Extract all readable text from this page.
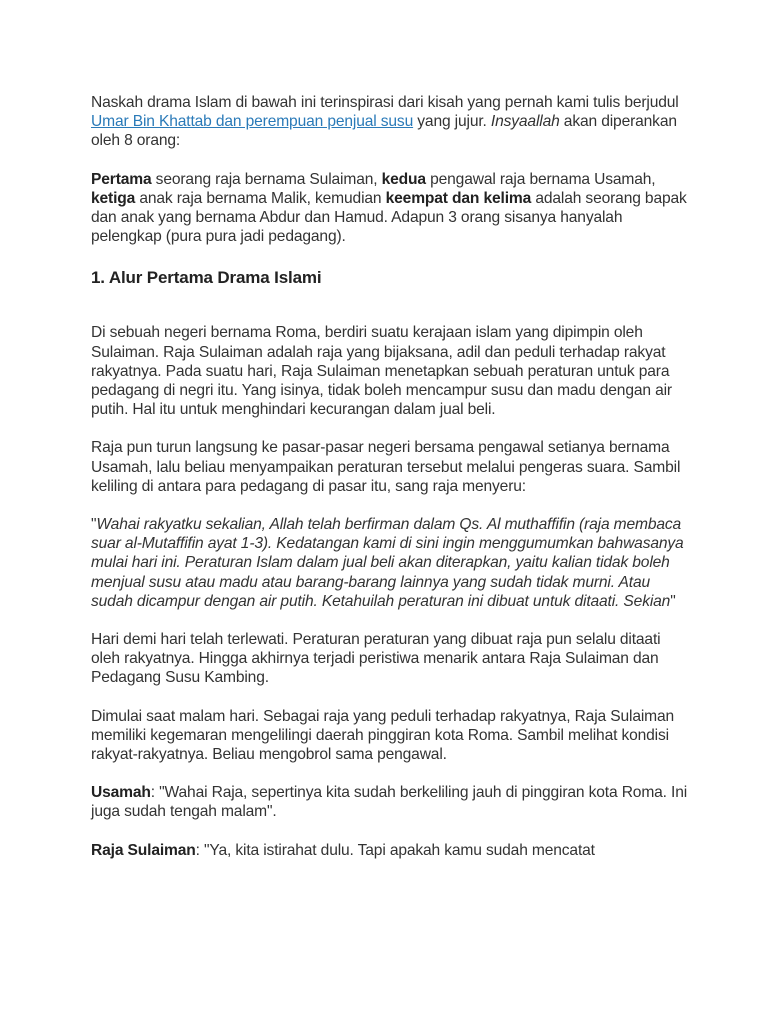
Naskah drama Islam di bawah ini terinspirasi dari kisah yang pernah kami tulis berjudul Umar Bin Khattab dan perempuan penjual susu yang jujur. Insyaallah akan diperankan oleh 8 orang:

Pertama seorang raja bernama Sulaiman, kedua pengawal raja bernama Usamah, ketiga anak raja bernama Malik, kemudian keempat dan kelima adalah seorang bapak dan anak yang bernama Abdur dan Hamud. Adapun 3 orang sisanya hanyalah pelengkap (pura pura jadi pedagang).

1. Alur Pertama Drama Islami

Di sebuah negeri bernama Roma, berdiri suatu kerajaan islam yang dipimpin oleh Sulaiman. Raja Sulaiman adalah raja yang bijaksana, adil dan peduli terhadap rakyat rakyatnya. Pada suatu hari, Raja Sulaiman menetapkan sebuah peraturan untuk para pedagang di negri itu. Yang isinya, tidak boleh mencampur susu dan madu dengan air putih. Hal itu untuk menghindari kecurangan dalam jual beli.

Raja pun turun langsung ke pasar-pasar negeri bersama pengawal setianya bernama Usamah, lalu beliau menyampaikan peraturan tersebut melalui pengeras suara. Sambil keliling di antara para pedagang di pasar itu, sang raja menyeru:

"Wahai rakyatku sekalian, Allah telah berfirman dalam Qs. Al muthaffifin (raja membaca suar al-Mutaffifin ayat 1-3). Kedatangan kami di sini ingin menggumumkan bahwasanya mulai hari ini. Peraturan Islam dalam jual beli akan diterapkan, yaitu kalian tidak boleh menjual susu atau madu atau barang-barang lainnya yang sudah tidak murni. Atau sudah dicampur dengan air putih. Ketahuilah peraturan ini dibuat untuk ditaati. Sekian"

Hari demi hari telah terlewati. Peraturan peraturan yang dibuat raja pun selalu ditaati oleh rakyatnya. Hingga akhirnya terjadi peristiwa menarik antara Raja Sulaiman dan Pedagang Susu Kambing.

Dimulai saat malam hari. Sebagai raja yang peduli terhadap rakyatnya, Raja Sulaiman memiliki kegemaran mengelilingi daerah pinggiran kota Roma. Sambil melihat kondisi rakyat-rakyatnya. Beliau mengobrol sama pengawal.

Usamah: "Wahai Raja, sepertinya kita sudah berkeliling jauh di pinggiran kota Roma. Ini juga sudah tengah malam".

Raja Sulaiman: "Ya, kita istirahat dulu. Tapi apakah kamu sudah mencatat
